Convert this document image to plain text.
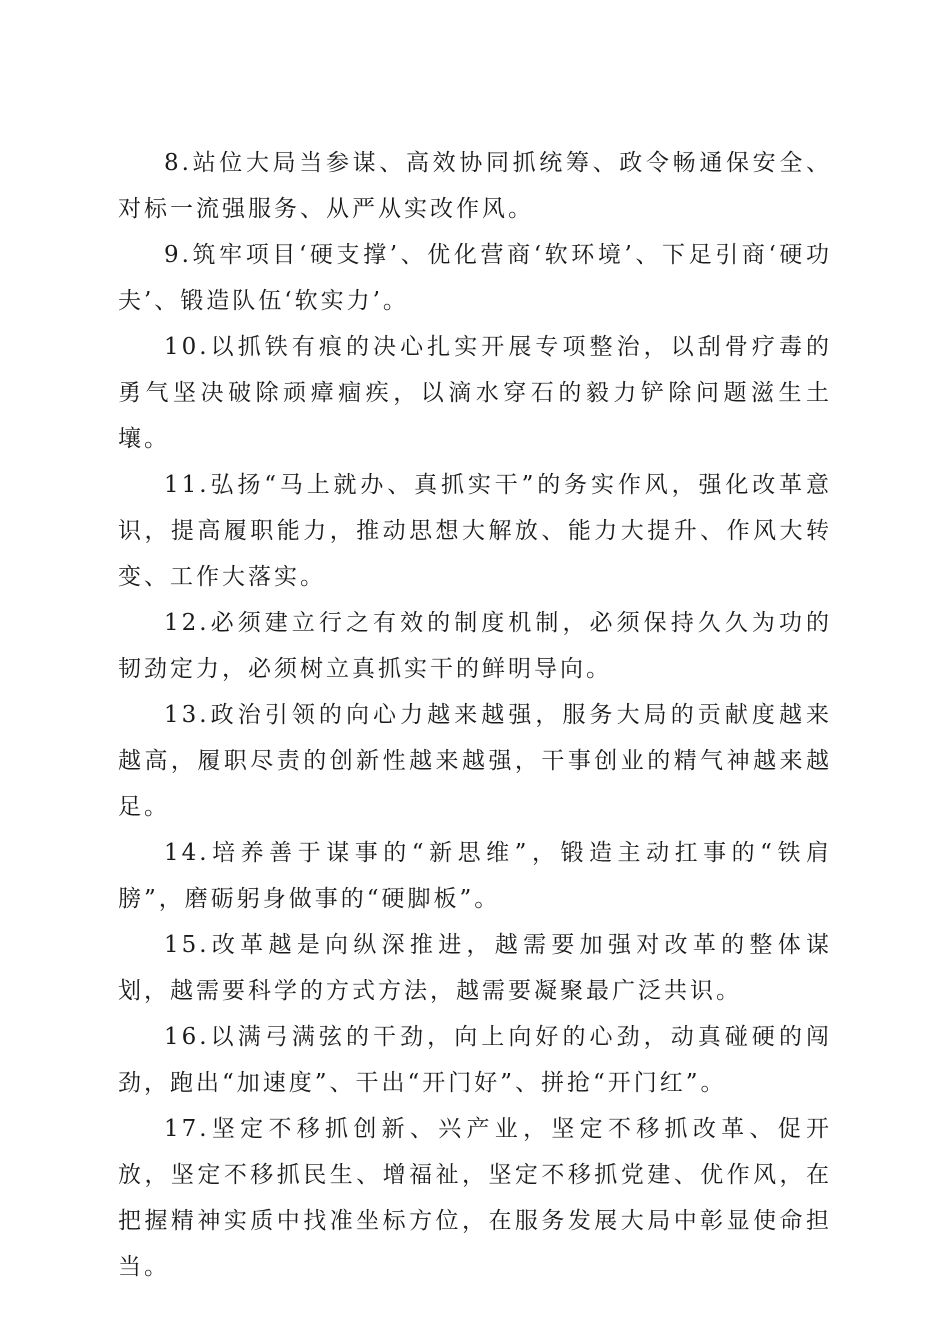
8.站位大局当参谋、高效协同抓统筹、政令畅通保安全、对标一流强服务、从严从实改作风。

9.筑牢项目‘硬支撑’、优化营商‘软环境’、下足引商‘硬功夫’、锻造队伍‘软实力’。

10.以抓铁有痕的决心扎实开展专项整治，以刮骨疗毒的勇气坚决破除顽瘴痼疾，以滴水穿石的毅力铲除问题滋生土壤。

11.弘扬“马上就办、真抓实干”的务实作风，强化改革意识，提高履职能力，推动思想大解放、能力大提升、作风大转变、工作大落实。

12.必须建立行之有效的制度机制，必须保持久久为功的韧劲定力，必须树立真抓实干的鲜明导向。

13.政治引领的向心力越来越强，服务大局的贡献度越来越高，履职尽责的创新性越来越强，干事创业的精气神越来越足。

14.培养善于谋事的“新思维”，锻造主动扛事的“铁肩膀”，磨砺躬身做事的“硬脚板”。

15.改革越是向纵深推进，越需要加强对改革的整体谋划，越需要科学的方式方法，越需要凝聚最广泛共识。

16.以满弓满弦的干劲，向上向好的心劲，动真碰硬的闯劲，跑出“加速度”、干出“开门好”、拼抢“开门红”。

17.坚定不移抓创新、兴产业，坚定不移抓改革、促开放，坚定不移抓民生、增福祉，坚定不移抓党建、优作风，在把握精神实质中找准坐标方位，在服务发展大局中彰显使命担当。
